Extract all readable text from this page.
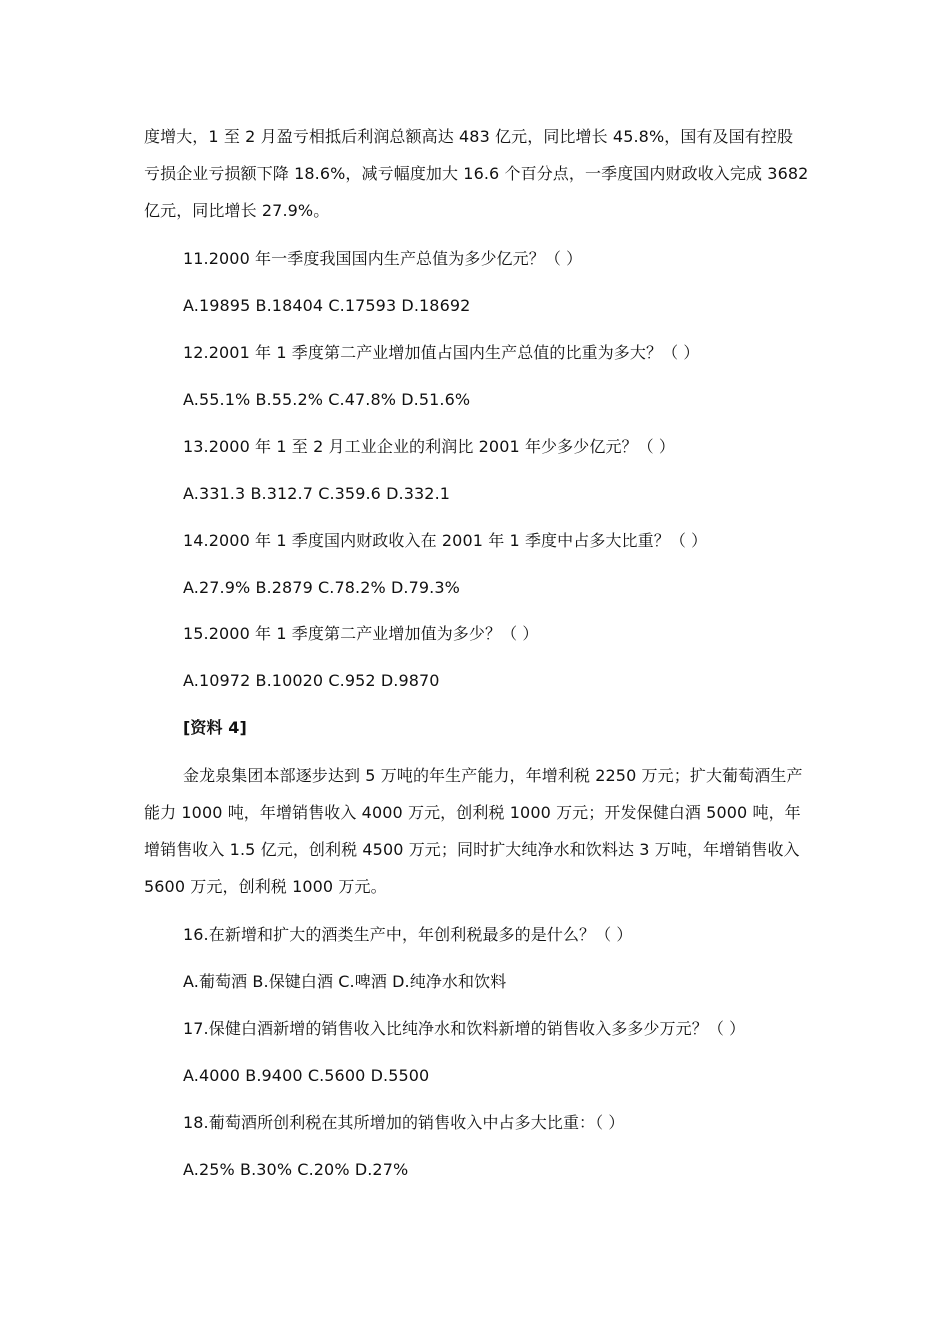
度增大，1 至 2 月盈亏相抵后利润总额高达 483 亿元，同比增长 45.8%，国有及国有控股亏损企业亏损额下降 18.6%，减亏幅度加大 16.6 个百分点，一季度国内财政收入完成 3682 亿元，同比增长 27.9%。
11.2000 年一季度我国国内生产总值为多少亿元？（ ）
A.19895 B.18404 C.17593 D.18692
12.2001 年 1 季度第二产业增加值占国内生产总值的比重为多大？（ ）
A.55.1% B.55.2% C.47.8% D.51.6%
13.2000 年 1 至 2 月工业企业的利润比 2001 年少多少亿元？（ ）
A.331.3 B.312.7 C.359.6 D.332.1
14.2000 年 1 季度国内财政收入在 2001 年 1 季度中占多大比重？（ ）
A.27.9% B.2879 C.78.2% D.79.3%
15.2000 年 1 季度第二产业增加值为多少？（ ）
A.10972 B.10020 C.952 D.9870
[资料 4]
金龙泉集团本部逐步达到 5 万吨的年生产能力，年增利税 2250 万元；扩大葡萄酒生产能力 1000 吨，年增销售收入 4000 万元，创利税 1000 万元；开发保健白酒 5000 吨，年增销售收入 1.5 亿元，创利税 4500 万元；同时扩大纯净水和饮料达 3 万吨，年增销售收入 5600 万元，创利税 1000 万元。
16.在新增和扩大的酒类生产中，年创利税最多的是什么？（ ）
A.葡萄酒 B.保键白酒 C.啤酒 D.纯净水和饮料
17.保健白酒新增的销售收入比纯净水和饮料新增的销售收入多多少万元？（ ）
A.4000 B.9400 C.5600 D.5500
18.葡萄酒所创利税在其所增加的销售收入中占多大比重：（ ）
A.25% B.30% C.20% D.27%
